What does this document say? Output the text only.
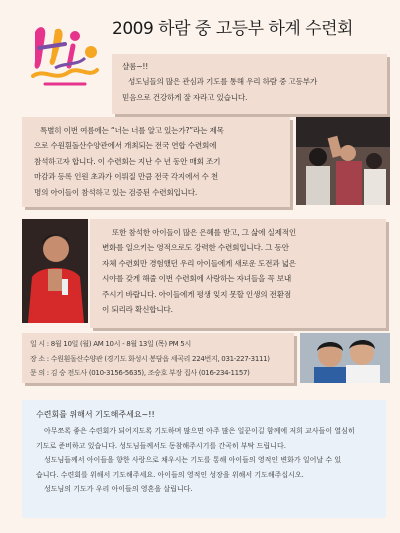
2009 하람 중 고등부 하계 수련회
샬롬~!!
성도님들의 많은 관심과 기도를 통해 우리 하람 중 고등부가
믿음으로 건강하게 잘 자라고 있습니다.
특별히 이번 여름에는 “너는 너를 알고 있는가?”라는 제목
으로 수원흰돌산수양관에서 개최되는 전국 연합 수련회에
참석하고자 합니다. 이 수련회는 지난 수 년 동안 매회 조기
마감과 등록 인원 초과가 이뤄질 만큼 전국 각지에서 수 천
명의 아이들이 참석하고 있는 검증된 수련회입니다.
또한 참석한 아이들이 많은 은혜를 받고, 그 삶에 실제적인
변화를 일으키는 영적으로도 강력한 수련회입니다. 그 동안
자체 수련회만 경험했던 우리 아이들에게 새로운 도전과 넓은
시야를 갖게 해줄 이번 수련회에 사랑하는 자녀들을 꼭 보내
주시기 바랍니다. 아이들에게 평생 잊지 못할 인생의 전환점
이 되리라 확신합니다.
일 시 : 8월 10일 (월) AM 10시 - 8월 13일 (목) PM 5시
장 소 : 수원흰돌산수양관 (경기도 화성시 봉담읍 세곡리 224번지, 031-227-3111)
문 의 : 김 승 전도사 (010-3156-5635), 조승호 부장 집사 (016-234-1157)
수련회를 위해서 기도해주세요~!!
아무쪼록 좋은 수련회가 되어지도록 기도하며 많으면 아주 많은 일꾼이길 함께에 저희 교사들이 열심히
기도로 준비하고 있습니다. 성도님들께서도 동참해주시기를 간곡히 부탁 드립니다.
성도님들께서 아이들을 향한 사랑으로 채우시는 기도를 통해 아이들의 영적인 변화가 일어날 수 있
습니다. 수련회를 위해서 기도해주세요. 아이들의 영적인 성장을 위해서 기도해주십시오.
성도님의 기도가 우리 아이들의 영혼을 살립니다.
